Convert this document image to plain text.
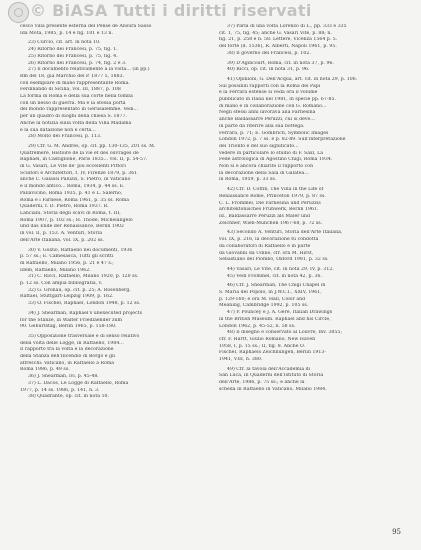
© BiASA Tutti i diritti riservati
cesco villa presente esterna del Pense de Ansura Sasso
Ida Mota, 1985, p. 14 e fig. 101 e 13 n.
23) Curcio, cit. art. in nota 10.
24) Ritorno dei Francesi, p. 75, fig. 1.
25) Ritorno dei Francesi, p. 75, fig. 4.
26) Ritorno dei Francesi, p. 74, fig. 2 e 3.
27) Il documento relativamente a la volta... (in pp.)
Rm del 18, già Marchio del P. 1877 5, 1883.
con esemplare di mano rappresentante Roma.
Ferdinando di Sicilia, vol. III, 1887, p. 108
La forma di Roma e della sua corte nella tomba
con un nesso di guerra. Ma è la stessa porta
del mondo rappresentato in Gerusalemme. Vedi...
per un quadro di luoghi della chiesa S. 1877.
Anche la notizia sulla volta della Villa Madama
e la sua datazione non è certa...
28) Molto dei Francesi, p. 113.
29) Cfr. G. M. Andres, op. cit. pp. 130-135, 201 ss. M.
Quatremère, Histoire de la vie et des ouvrages de
Raphaël, in Castiglione, Paris 1835... vol. II, p. 54-57.
di G. Vasari, Le Vite de' più eccellenti Pittori
Scultori e Architettori, t. IV, Firenze 1879, p. 361
anche C. Galassi Paluzzi, S. Pietro, in Vaticano
e il mondo antico... Roma, 1934, p. 44 ss. E.
Pallavicino, Roma 1935, p. 41 e L. Salerno,
Roma e i Farnese, Roma 1961, p. 35 ss. Roma
Quaderni, f. D. Pietro, Roma 1937. R.
Lanciani, Storia degli scavi di Roma, t. III,
Roma 1907, p. 102 ss.; H. Thode, Michelangelo
und das Ende der Renaissance, Berlin 1902
in vol. II, p. 153. A. Venturi, Storia
dell'Arte Italiana, vol. IX, p. 202 ss.
30) V. Golzio, Raffaello nei documenti, 1936
p. 57 ss.; E. Camesasca, Tutti gli scritti
di Raffaello, Milano 1956, p. 21 e 47 s.;
Idem, Raffaello, Milano 1962.
31) C. Ricci, Raffaello, Milano 1920, p. 120 ss.
p. 12 ss. Con ampia bibliografia, v.
32) G. Gronau, op. cit. p. 25; A. Rosenberg,
Raffael, Stuttgart-Leipzig 1909, p. 162.
33) O. Fischel, Raphael, London 1948, p. 12 ss.
34) J. Shearman, Raphael's unexecuted projects
for the Stanze, in Walter Friedlaender zum
90. Geburtstag, Berlin 1965, p. 158-180.
35) Opposizione trasversale e di senso relativo
della volta delle Logge, in Raffaello, 1984...
Il rapporto tra la volta e la decorazione
della Stanza dell'Incendio di Borgo e gli
affreschi: Vaticano, in Raffaello a Roma
Roma 1986, p. 49 ss.
36) J. Shearman, ivi, p. 45-48.
37) L. Dacos, Le Logge di Raffaello, Roma
1977, p. 14 ss. 1986, p. 141, n. 3.
38) Quadrante, op. cit. in nota 10.
37) Parla di una volta Lorenzo di L., pp. 333 e 335
cit. 1, 75, fig. 45; anche G. Vasari Vite, p. 88; n.
fig. 21, p. 258 e n. 58. Lettere, Vicenza 1564 p. 5.
del forte (d. 1536), R. Alberti, Napoli 1961, p. 95.
38) Il governo dei Francesi, p. 102.
39) D'Agincourt, Roma, cit. in nota 37, p. 96.
40) Ricci, op. cit. in nota 31, p. 96.
41) Opinioni, G. Dell'Acqua, art. cit. in nota 29, p. 106.
Sui possibili rapporti con la Roma dei Papi
e la Ferrara estense si veda ora il volume
pubblicato in Italia nel 1981, in specie pp. 67-85.
di mano e in collaborazione con G. Romano...
Negli stessi anni lavorava alla Farnesina
anche Baldassarre Peruzzi, cui si deve...
in parte da riferire alla sua bottega.
Ferrara, p. 71; E. Gombrich, Symbolic Images
London 1972, p. 7 ss. e p. 82-89. Sull'interpretazione
del Trionfo e del suo significato...
vedere in particolare lo studio di F. Saxl, La
Fede astrologica di Agostino Chigi, Roma 1934.
Non si è ancora chiarito il rapporto con
la decorazione della Sala di Galatea...
in Roma, 1959, p. 33 ss.
42) Cfr. D. Coffin, The Villa in the Life of
Renaissance Rome, Princeton 1979, p. 87 ss.
C. L. Frommel, Die Farnesina und Peruzzis
architektonisches Frühwerk, Berlin 1961.
Id., Baldassarre Peruzzi als Maler und
Zeichner, Wien-München 1967-68, p. 72 ss.
43) Secondo A. Venturi, Storia dell'Arte Italiana,
vol. IX, p. 216, la decorazione fu condotta
da collaboratori di Raffaello e in parte
da Giovanni da Udine, cfr. ora M. Hirst,
Sebastiano del Piombo, Oxford 1981, p. 32 ss.
44) Vasari, Le Vite, cit. in nota 29, IV, p. 312.
45) Vedi Frommel, cit. in nota 42, p. 36.
46) Cfr. J. Shearman, The Chigi Chapel in
S. Maria del Popolo, in J.W.C.I., XXIV, 1961,
p. 129-160; e ora M. Hall, Color and
Meaning, Cambridge 1992, p. 105 ss.
47) P. Pouncey e J. A. Gere, Italian Drawings
in the British Museum. Raphael and his Circle,
London 1962, p. 45-52, n. 58 ss.
48) Il disegno è conservato al Louvre, Inv. 3855;
cfr. F. Hartt, Giulio Romano, New Haven
1958, I, p. 15 ss.; II, fig. 8. Anche O.
Fischel, Raphaels Zeichnungen, Berlin 1913-
1941, VIII, n. 380.
49) Cfr. la tavola dell'Accademia di
San Luca, in Quaderni dell'Istituto di Storia
dell'Arte, 1986, p. 75 ss.; e anche la
scheda in Raffaello in Vaticano, Milano 1984.
95
